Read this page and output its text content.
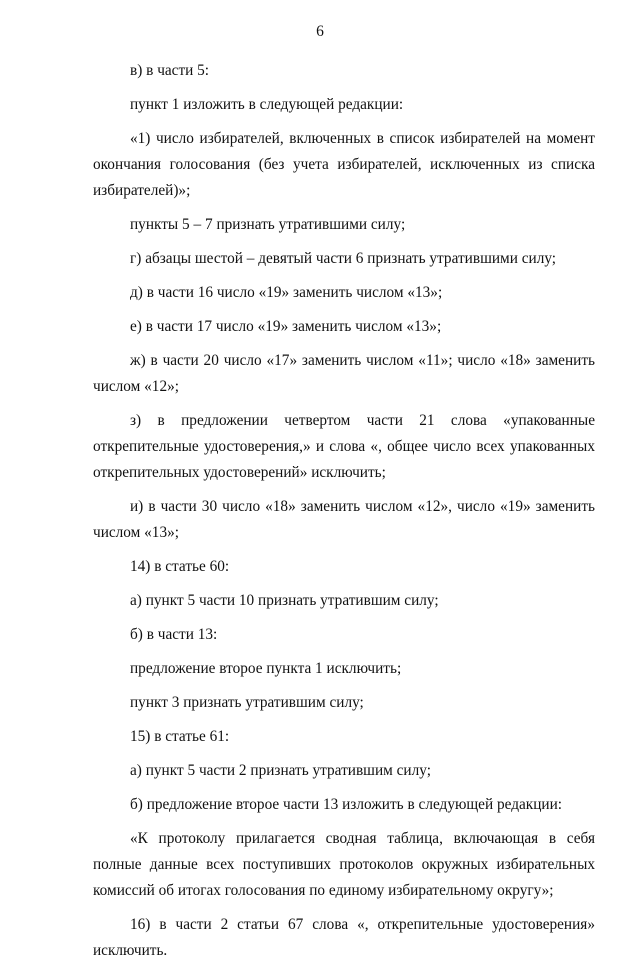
6

в) в части 5:

пункт 1 изложить в следующей редакции:

«1) число избирателей, включенных в список избирателей на момент окончания голосования (без учета избирателей, исключенных из списка избирателей)»;

пункты 5 – 7 признать утратившими силу;

г) абзацы шестой – девятый части 6 признать утратившими силу;

д) в части 16 число «19» заменить числом «13»;

е) в части 17 число «19» заменить числом «13»;

ж) в части 20 число «17» заменить числом «11»; число «18» заменить числом «12»;

з) в предложении четвертом части 21 слова «упакованные открепительные удостоверения,» и слова «, общее число всех упакованных открепительных удостоверений» исключить;

и) в части 30 число «18» заменить числом «12», число «19» заменить числом «13»;

14) в статье 60:

а) пункт 5 части 10 признать утратившим силу;

б) в части 13:

предложение второе пункта 1 исключить;

пункт 3 признать утратившим силу;

15) в статье 61:

а) пункт 5 части 2 признать утратившим силу;

б) предложение второе части 13 изложить в следующей редакции:

«К протоколу прилагается сводная таблица, включающая в себя полные данные всех поступивших протоколов окружных избирательных комиссий об итогах голосования по единому избирательному округу»;

16) в части 2 статьи 67 слова «, открепительные удостоверения» исключить.
